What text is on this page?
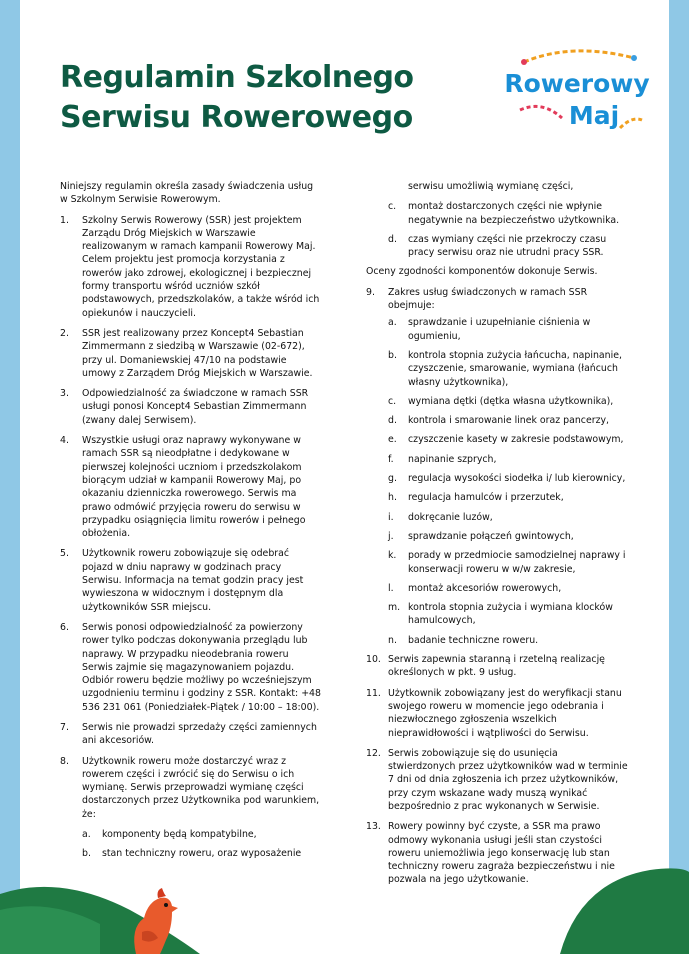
Regulamin Szkolnego
Serwisu Rowerowego
Rowerowy
Maj

Niniejszy regulamin określa zasady świadczenia usług w Szkolnym Serwisie Rowerowym.

1.	Szkolny Serwis Rowerowy (SSR) jest projektem Zarządu Dróg Miejskich w Warszawie realizowanym w ramach kampanii Rowerowy Maj. Celem projektu jest promocja korzystania z rowerów jako zdrowej, ekologicznej i bezpiecznej formy transportu wśród uczniów szkół podstawowych, przedszkolaków, a także wśród ich opiekunów i nauczycieli.
2.	SSR jest realizowany przez Koncept4 Sebastian Zimmermann z siedzibą w Warszawie (02-672), przy ul. Domaniewskiej 47/10 na podstawie umowy z Zarządem Dróg Miejskich w Warszawie.
3.	Odpowiedzialność za świadczone w ramach SSR usługi ponosi Koncept4 Sebastian Zimmermann (zwany dalej Serwisem).
4.	Wszystkie usługi oraz naprawy wykonywane w ramach SSR są nieodpłatne i dedykowane w pierwszej kolejności uczniom i przedszkolakom biorącym udział w kampanii Rowerowy Maj, po okazaniu dzienniczka rowerowego. Serwis ma prawo odmówić przyjęcia roweru do serwisu w przypadku osiągnięcia limitu rowerów i pełnego obłożenia.
5.	Użytkownik roweru zobowiązuje się odebrać pojazd w dniu naprawy w godzinach pracy Serwisu. Informacja na temat godzin pracy jest wywieszona w widocznym i dostępnym dla użytkowników SSR miejscu.
6.	Serwis ponosi odpowiedzialność za powierzony rower tylko podczas dokonywania przeglądu lub naprawy. W przypadku nieodebrania roweru Serwis zajmie się magazynowaniem pojazdu. Odbiór roweru będzie możliwy po wcześniejszym uzgodnieniu terminu i godziny z SSR. Kontakt: +48 536 231 061 (Poniedziałek-Piątek / 10:00 – 18:00).
7.	Serwis nie prowadzi sprzedaży części zamiennych ani akcesoriów.
8.	Użytkownik roweru może dostarczyć wraz z rowerem części i zwrócić się do Serwisu o ich wymianę. Serwis przeprowadzi wymianę części dostarczonych przez Użytkownika pod warunkiem, że:
a.	komponenty będą kompatybilne,
b.	stan techniczny roweru, oraz wyposażenie
serwisu umożliwią wymianę części,
c.	montaż dostarczonych części nie wpłynie negatywnie na bezpieczeństwo użytkownika.
d.	czas wymiany części nie przekroczy czasu pracy serwisu oraz nie utrudni pracy SSR.

Oceny zgodności komponentów dokonuje Serwis.

9.	Zakres usług świadczonych w ramach SSR obejmuje:
a.	sprawdzanie i uzupełnianie ciśnienia w ogumieniu,
b.	kontrola stopnia zużycia łańcucha, napinanie, czyszczenie, smarowanie, wymiana (łańcuch własny użytkownika),
c.	wymiana dętki (dętka własna użytkownika),
d.	kontrola i smarowanie linek oraz pancerzy,
e.	czyszczenie kasety w zakresie podstawowym,
f.	napinanie szprych,
g.	regulacja wysokości siodełka i/ lub kierownicy,
h.	regulacja hamulców i przerzutek,
i.	dokręcanie luzów,
j.	sprawdzanie połączeń gwintowych,
k.	porady w przedmiocie samodzielnej naprawy i konserwacji roweru w w/w zakresie,
l.	montaż akcesoriów rowerowych,
m. kontrola stopnia zużycia i wymiana klocków hamulcowych,
n.	badanie techniczne roweru.
10. Serwis zapewnia staranną i rzetelną realizację określonych w pkt. 9 usług.
11. Użytkownik zobowiązany jest do weryfikacji stanu swojego roweru w momencie jego odebrania i niezwłocznego zgłoszenia wszelkich nieprawidłowości i wątpliwości do Serwisu.
12. Serwis zobowiązuje się do usunięcia stwierdzonych przez użytkowników wad w terminie 7 dni od dnia zgłoszenia ich przez użytkowników, przy czym wskazane wady muszą wynikać bezpośrednio z prac wykonanych w Serwisie.
13. Rowery powinny być czyste, a SSR ma prawo odmowy wykonania usługi jeśli stan czystości roweru uniemożliwia jego konserwację lub stan techniczny roweru zagraża bezpieczeństwu i nie pozwala na jego użytkowanie.
